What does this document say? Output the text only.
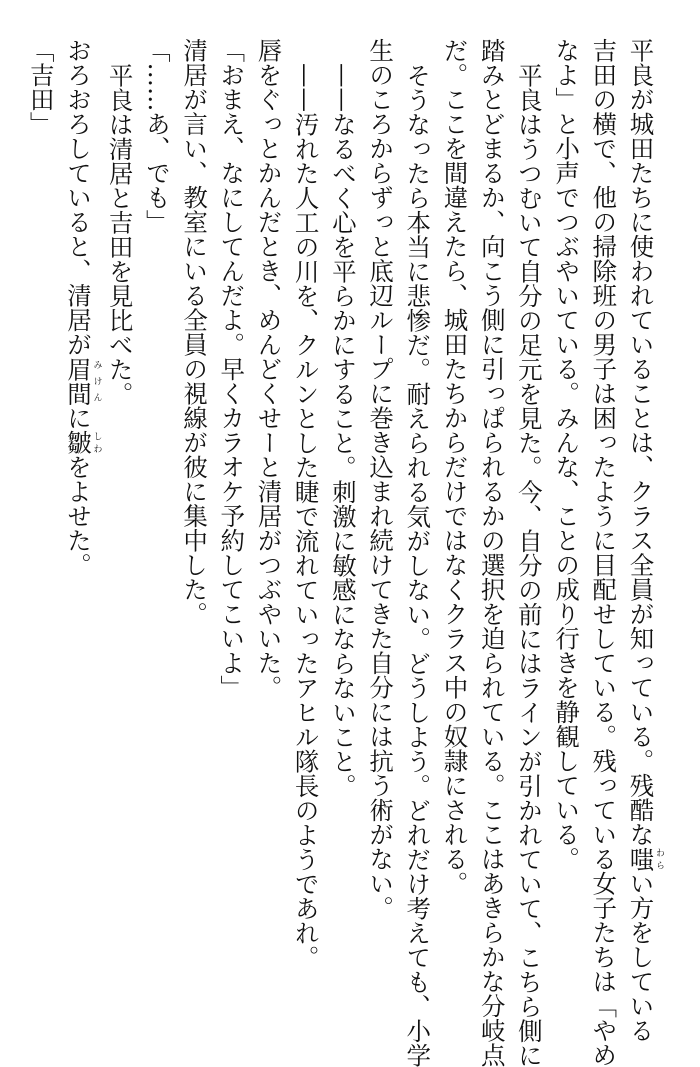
平良が城田たちに使われていることは、クラス全員が知っている。残酷な嗤わらい方をしている
吉田の横で、他の掃除班の男子は困ったように目配せしている。残っている女子たちは「やめ
なよ」と小声でつぶやいている。みんな、ことの成り行きを静観している。
平良はうつむいて自分の足元を見た。今、自分の前にはラインが引かれていて、こちら側に
踏みとどまるか、向こう側に引っぱられるかの選択を迫られている。ここはあきらかな分岐点
だ。ここを間違えたら、城田たちからだけではなくクラス中の奴隷にされる。
そうなったら本当に悲惨だ。耐えられる気がしない。どうしよう。どれだけ考えても、小学
生のころからずっと底辺ループに巻き込まれ続けてきた自分には抗う術がない。
——なるべく心を平らかにすること。刺激に敏感にならないこと。
——汚れた人工の川を、クルンとした睫で流れていったアヒル隊長のようであれ。
唇をぐっとかんだとき、めんどくせーと清居がつぶやいた。
「おまえ、なにしてんだよ。早くカラオケ予約してこいよ」
清居が言い、教室にいる全員の視線が彼に集中した。
「……あ、でも」
平良は清居と吉田を見比べた。
おろおろしていると、清居が眉間みけんに皺しわをよせた。
「吉田」
